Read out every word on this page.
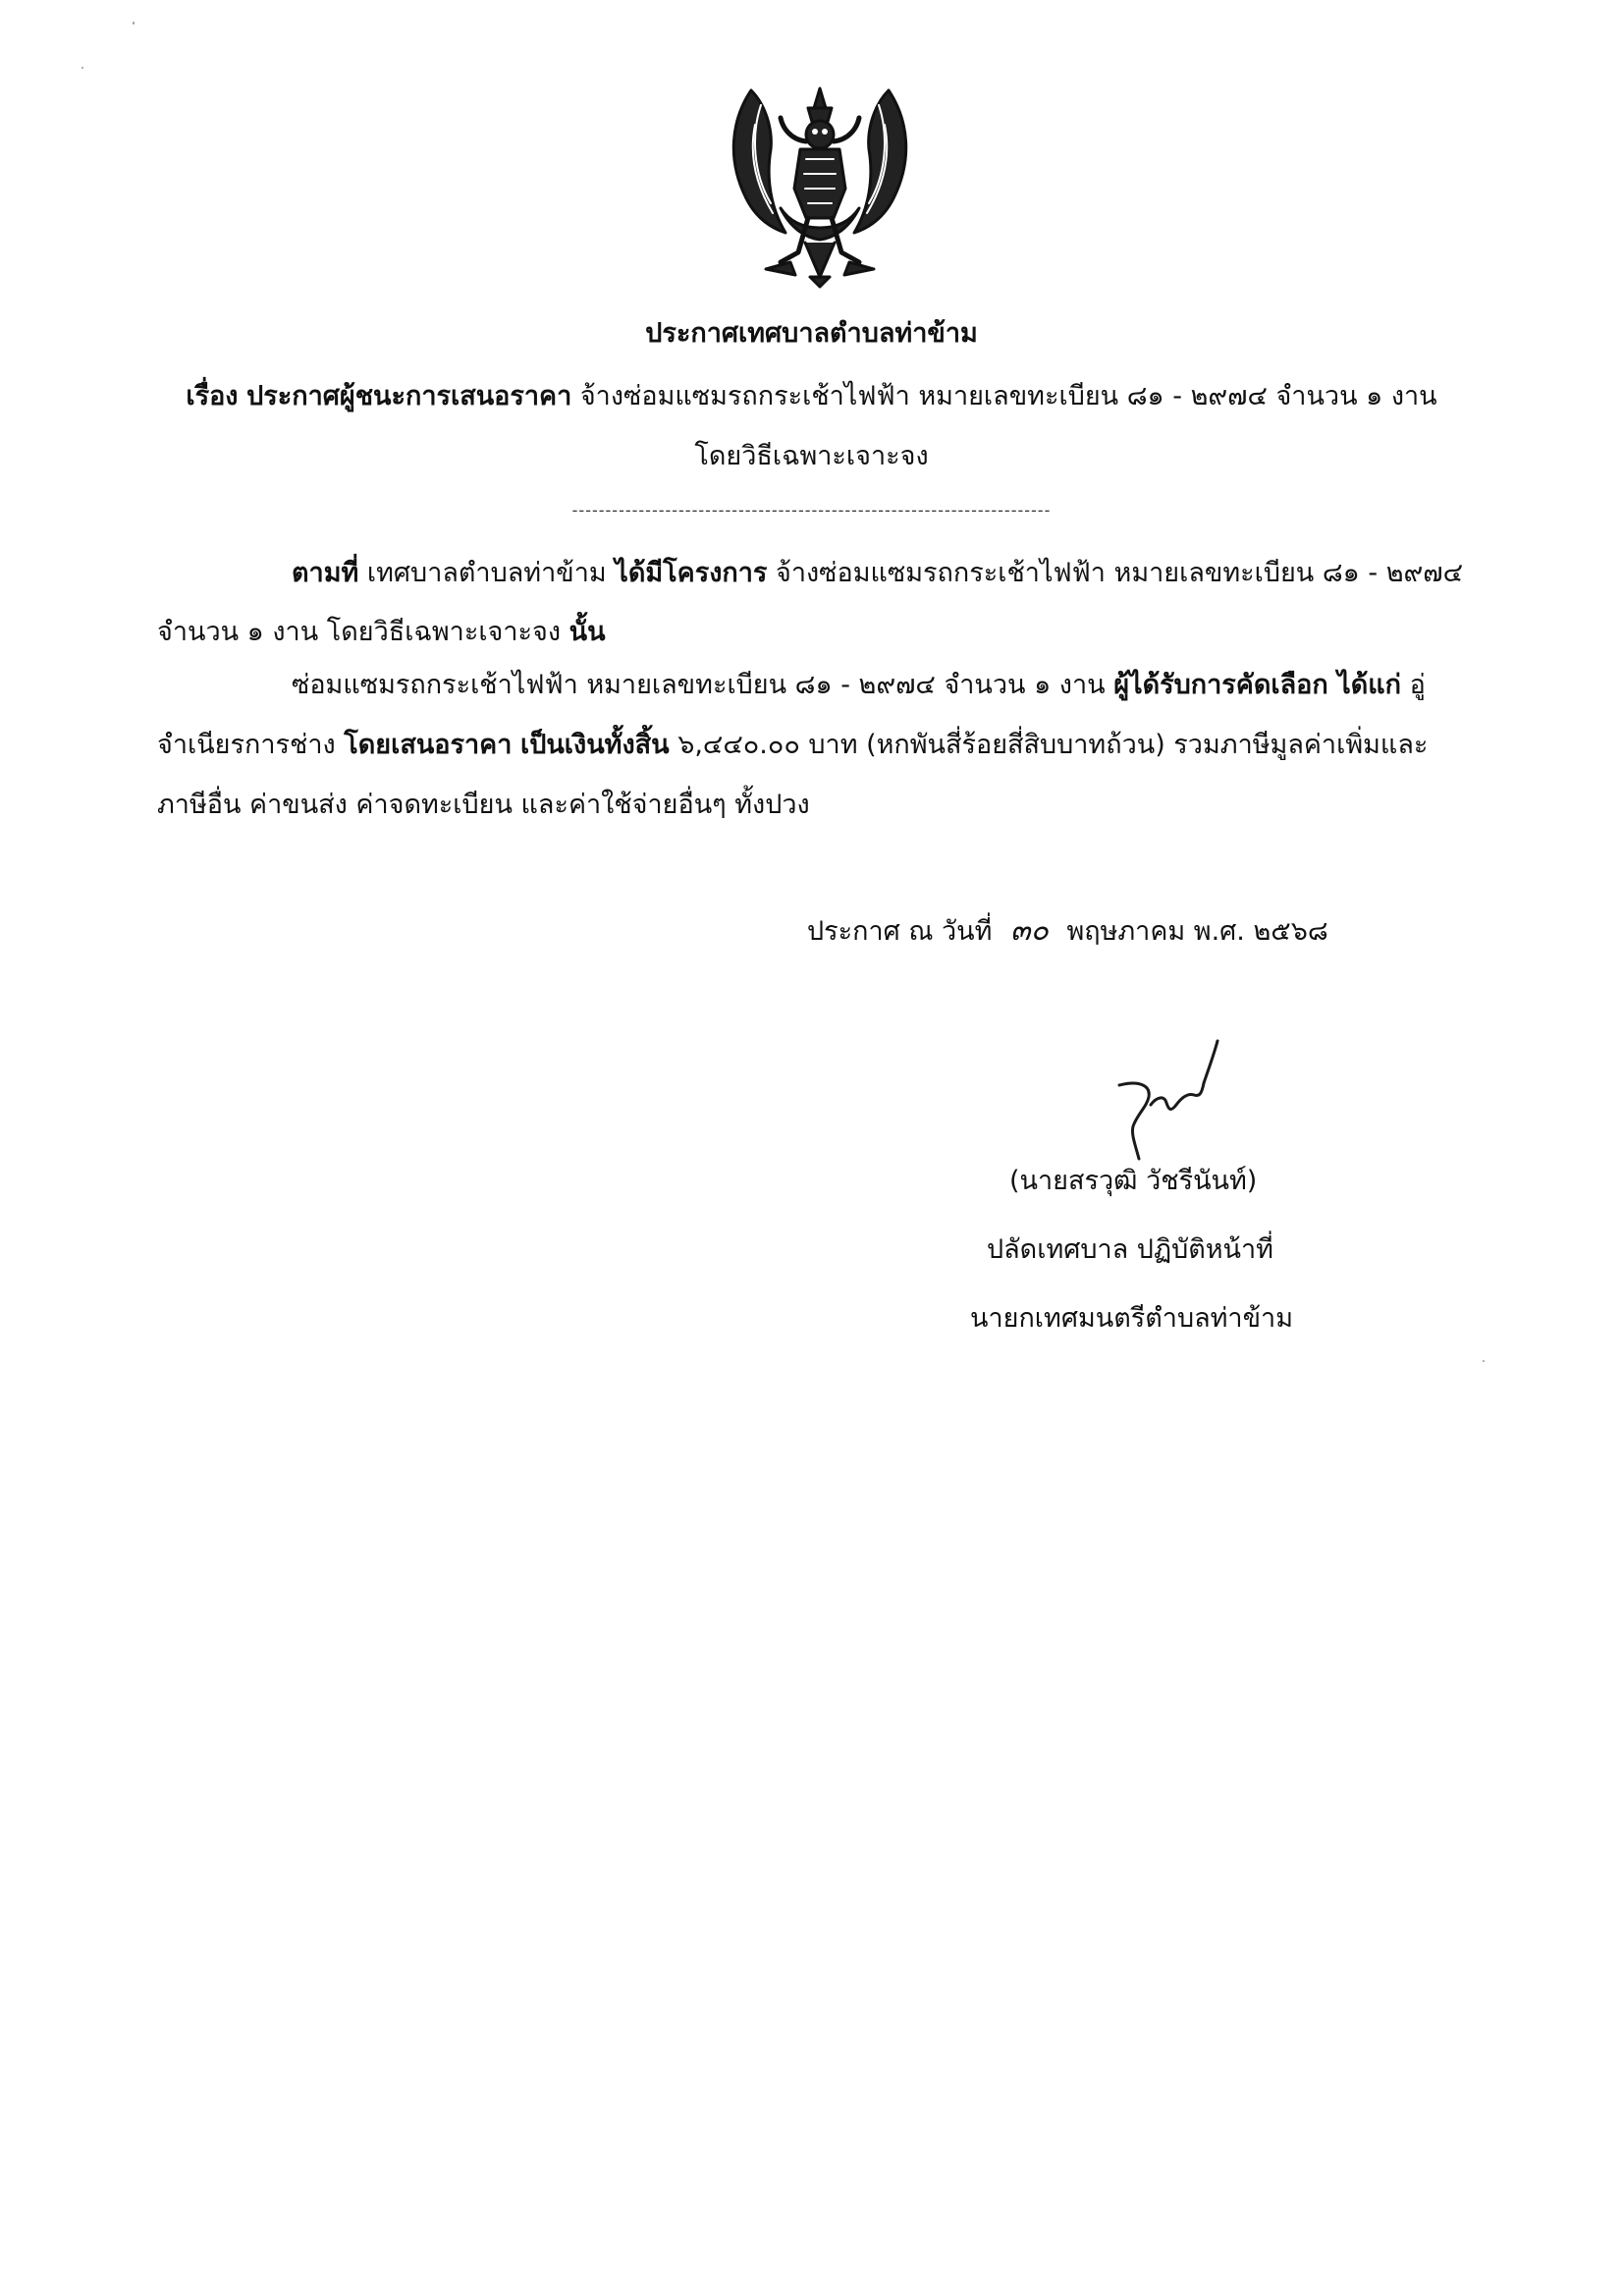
ประกาศเทศบาลตำบลท่าข้าม
เรื่อง ประกาศผู้ชนะการเสนอราคา จ้างซ่อมแซมรถกระเช้าไฟฟ้า หมายเลขทะเบียน ๘๑ - ๒๙๗๔ จำนวน ๑ งาน
โดยวิธีเฉพาะเจาะจง
------------------------------------------------------------------------
ตามที่ เทศบาลตำบลท่าข้าม ได้มีโครงการ จ้างซ่อมแซมรถกระเช้าไฟฟ้า หมายเลขทะเบียน ๘๑ - ๒๙๗๔
จำนวน ๑ งาน โดยวิธีเฉพาะเจาะจง นั้น
ซ่อมแซมรถกระเช้าไฟฟ้า หมายเลขทะเบียน ๘๑ - ๒๙๗๔ จำนวน ๑ งาน ผู้ได้รับการคัดเลือก ได้แก่ อู่
จำเนียรการช่าง โดยเสนอราคา เป็นเงินทั้งสิ้น ๖,๔๔๐.๐๐ บาท (หกพันสี่ร้อยสี่สิบบาทถ้วน) รวมภาษีมูลค่าเพิ่มและ
ภาษีอื่น ค่าขนส่ง ค่าจดทะเบียน และค่าใช้จ่ายอื่นๆ ทั้งปวง
ประกาศ ณ วันที่ ๓๐ พฤษภาคม พ.ศ. ๒๕๖๘
(นายสรวุฒิ วัชรีนันท์)
ปลัดเทศบาล ปฏิบัติหน้าที่
นายกเทศมนตรีตำบลท่าข้าม
